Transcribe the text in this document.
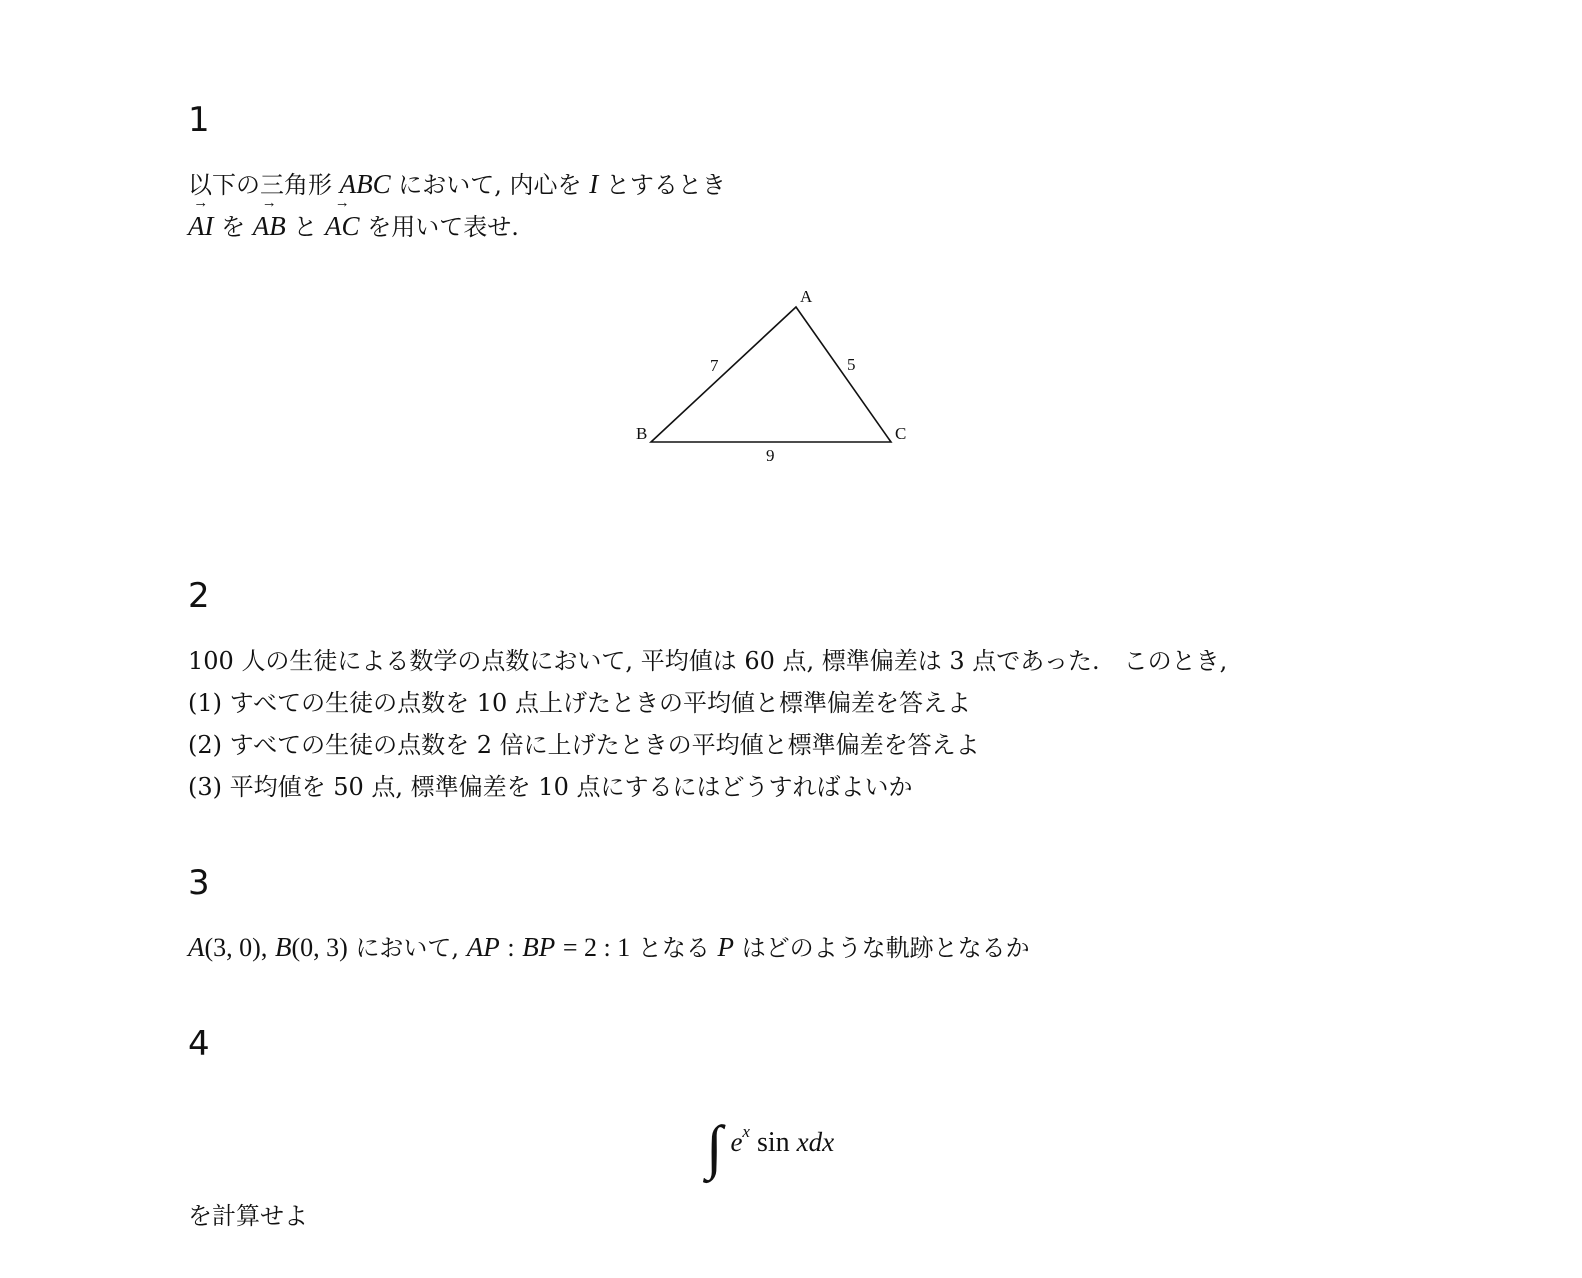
1
以下の三角形 ABC において, 内心を I とするとき
→
AI を
→
AB と
→
AC を用いて表せ.
A
B	C
7	5
9
2
100 人の生徒による数学の点数において, 平均値は 60 点, 標準偏差は 3 点であった.　このとき,
(1) すべての生徒の点数を 10 点上げたときの平均値と標準偏差を答えよ
(2) すべての生徒の点数を 2 倍に上げたときの平均値と標準偏差を答えよ
(3) 平均値を 50 点, 標準偏差を 10 点にするにはどうすればよいか
3
A(3, 0), B(0, 3) において, AP : BP = 2 : 1 となる P はどのような軌跡となるか
4
∫ $e^x$ sin xdx
を計算せよ
